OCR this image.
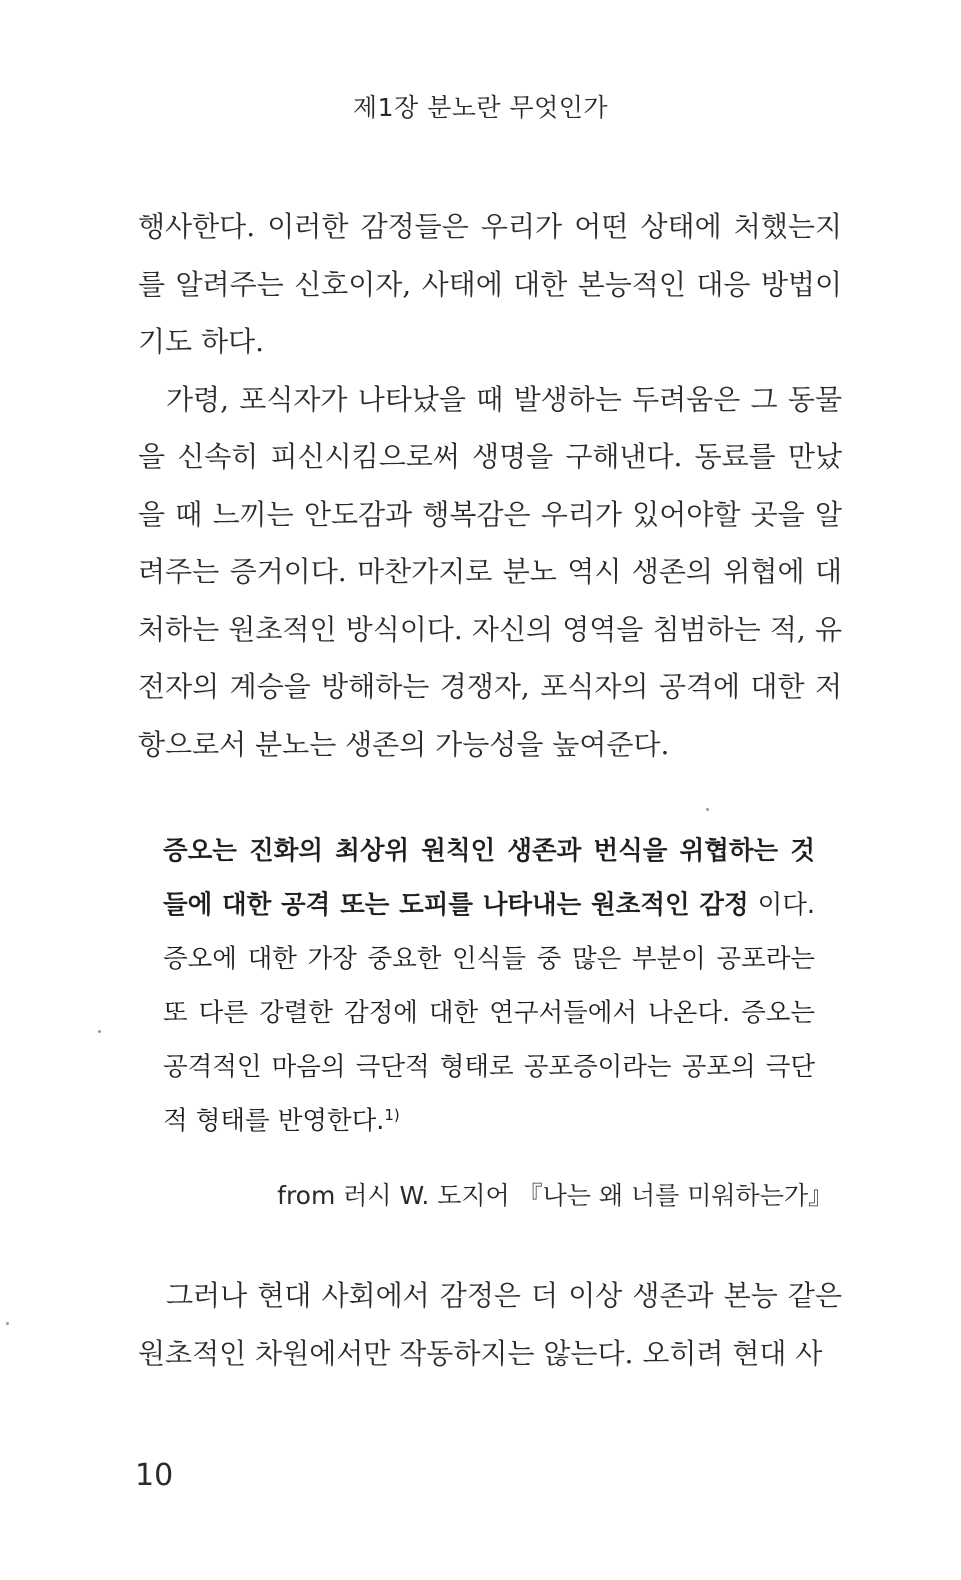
제1장 분노란 무엇인가

행사한다. 이러한 감정들은 우리가 어떤 상태에 처했는지를 알려주는 신호이자, 사태에 대한 본능적인 대응 방법이기도 하다.

가령, 포식자가 나타났을 때 발생하는 두려움은 그 동물을 신속히 피신시킴으로써 생명을 구해낸다. 동료를 만났을 때 느끼는 안도감과 행복감은 우리가 있어야할 곳을 알려주는 증거이다. 마찬가지로 분노 역시 생존의 위협에 대처하는 원초적인 방식이다. 자신의 영역을 침범하는 적, 유전자의 계승을 방해하는 경쟁자, 포식자의 공격에 대한 저항으로서 분노는 생존의 가능성을 높여준다.

증오는 진화의 최상위 원칙인 생존과 번식을 위협하는 것들에 대한 공격 또는 도피를 나타내는 원초적인 감정 이다. 증오에 대한 가장 중요한 인식들 중 많은 부분이 공포라는 또 다른 강렬한 감정에 대한 연구서들에서 나온다. 증오는 공격적인 마음의 극단적 형태로 공포증이라는 공포의 극단적 형태를 반영한다.$^{1)}$

from 러시 W. 도지어 『나는 왜 너를 미워하는가』

그러나 현대 사회에서 감정은 더 이상 생존과 본능 같은 원초적인 차원에서만 작동하지는 않는다. 오히려 현대 사

10
